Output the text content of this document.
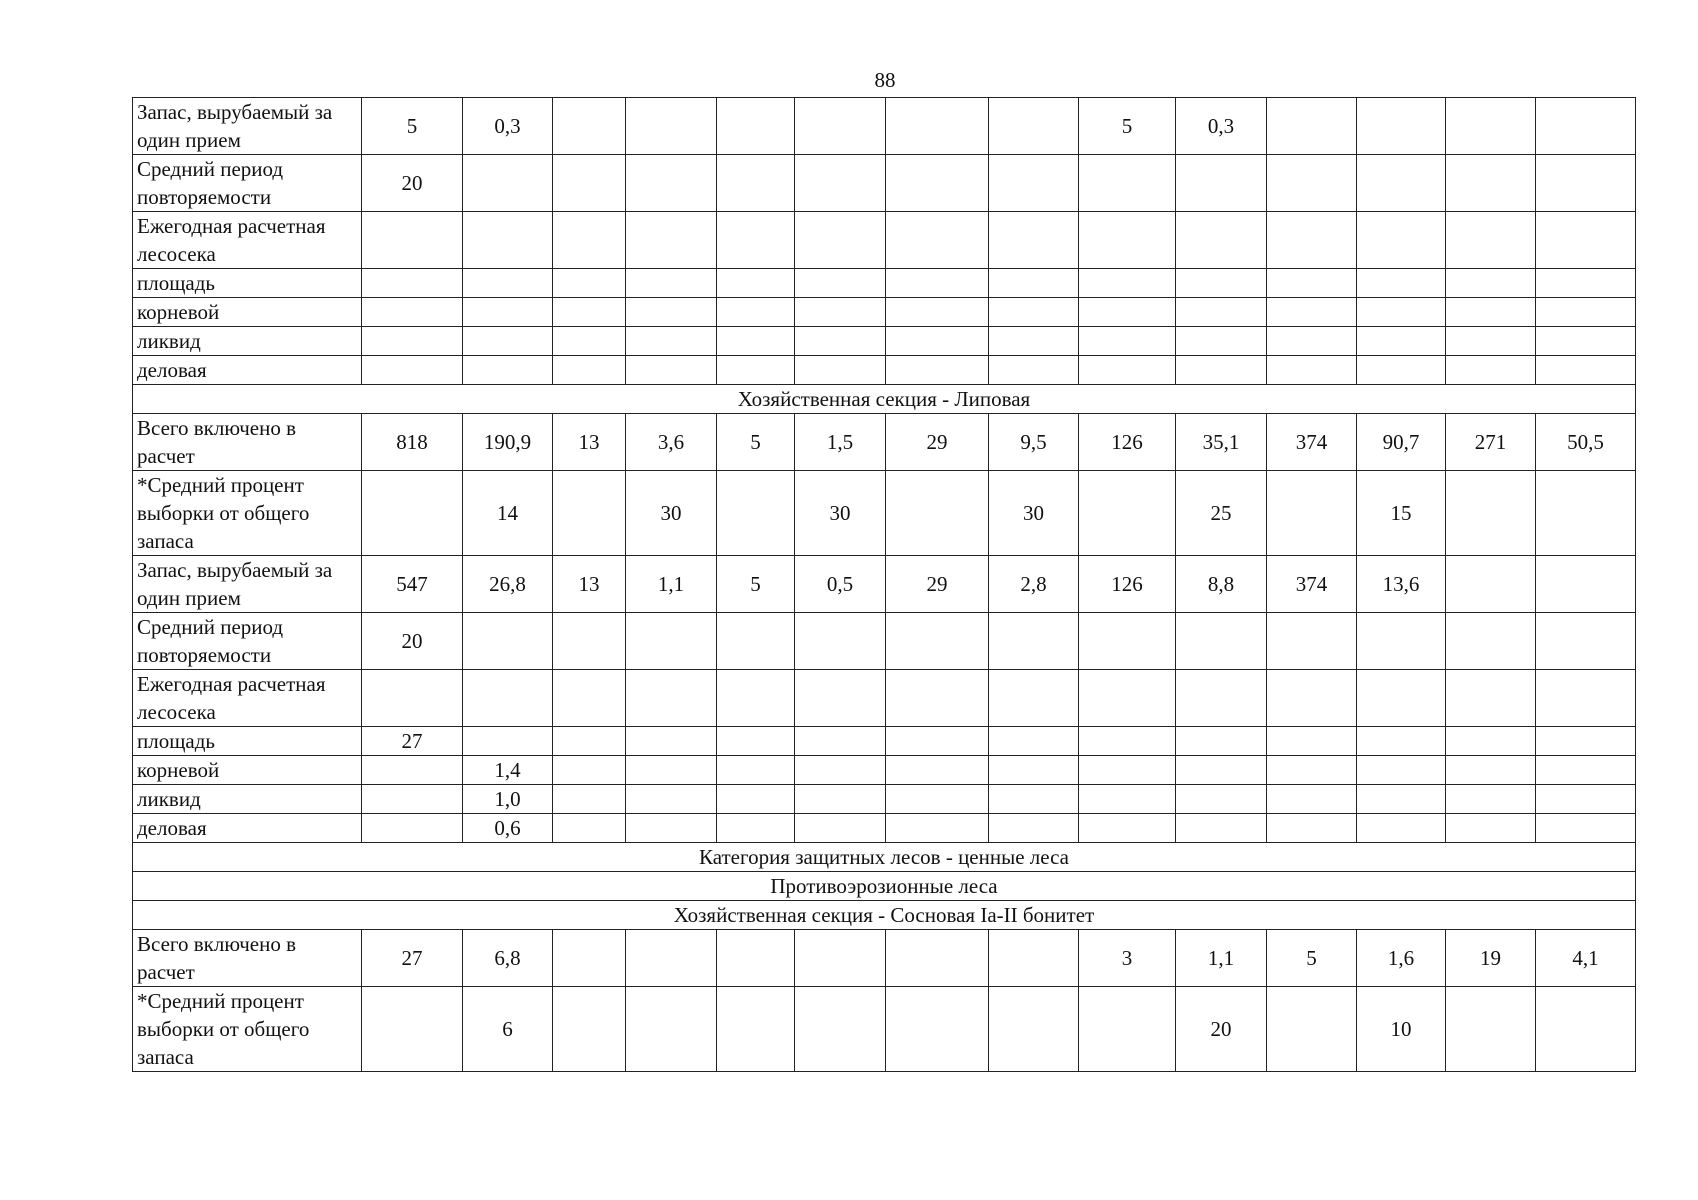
88
Запас, вырубаемый за один прием	5	0,3							5	0,3				
Средний период повторяемости	20													
Ежегодная расчетная лесосека														
площадь														
корневой														
ликвид														
деловая														
Хозяйственная секция - Липовая														
Всего включено в расчет	818	190,9	13	3,6	5	1,5	29	9,5	126	35,1	374	90,7	271	50,5
*Средний процент выборки от общего запаса		14		30		30		30		25		15		
Запас, вырубаемый за один прием	547	26,8	13	1,1	5	0,5	29	2,8	126	8,8	374	13,6		
Средний период повторяемости	20													
Ежегодная расчетная лесосека														
площадь	27													
корневой		1,4												
ликвид		1,0												
деловая		0,6												
Категория защитных лесов - ценные леса														
Противоэрозионные леса														
Хозяйственная секция - Сосновая Iа-II бонитет														
Всего включено в расчет	27	6,8							3	1,1	5	1,6	19	4,1
*Средний процент выборки от общего запаса		6								20		10		
